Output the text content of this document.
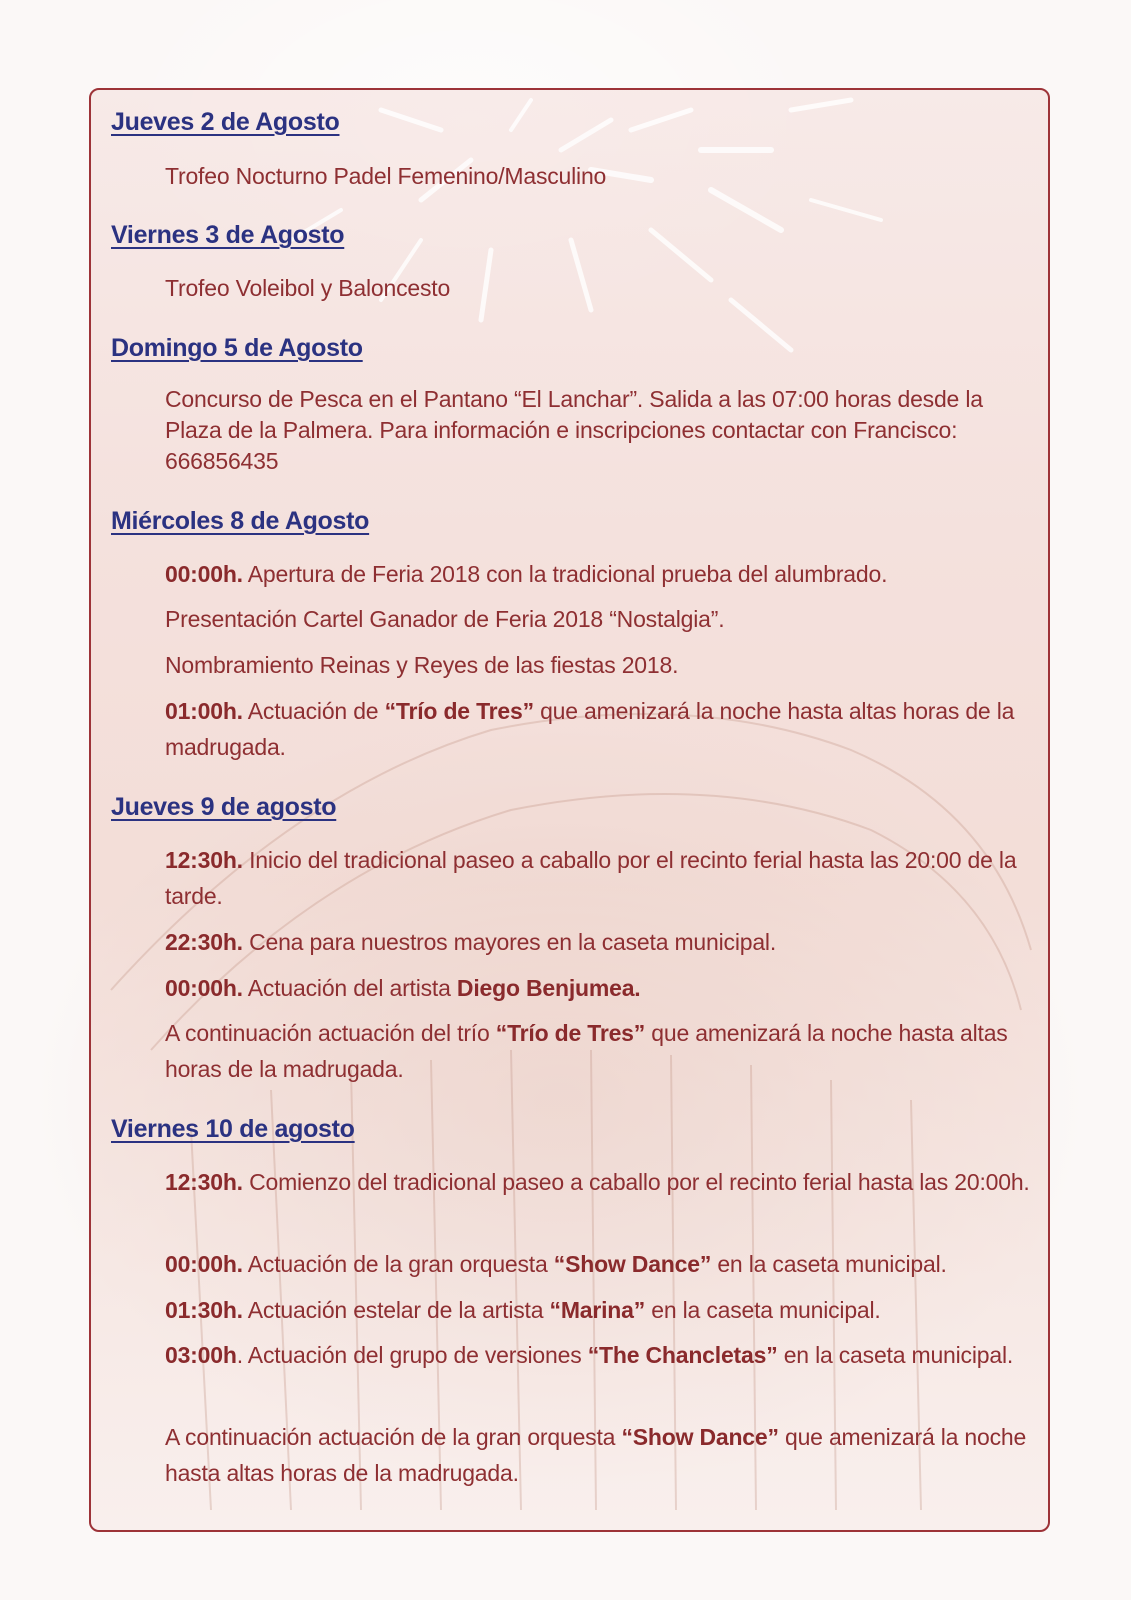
Jueves 2 de Agosto

Trofeo Nocturno Padel Femenino/Masculino

Viernes 3 de Agosto

Trofeo Voleibol y Baloncesto

Domingo 5 de Agosto

Concurso de Pesca en el Pantano “El Lanchar”. Salida a las 07:00 horas desde la Plaza de la Palmera. Para información e inscripciones contactar con Francisco: 666856435

Miércoles 8 de Agosto

00:00h. Apertura de Feria 2018 con la tradicional prueba del alumbrado.

Presentación Cartel Ganador de Feria 2018 “Nostalgia”.

Nombramiento Reinas y Reyes de las fiestas 2018.

01:00h. Actuación de “Trío de Tres” que amenizará la noche hasta altas horas de la madrugada.

Jueves 9 de agosto

12:30h. Inicio del tradicional paseo a caballo por el recinto ferial hasta las 20:00 de la tarde.

22:30h. Cena para nuestros mayores en la caseta municipal.

00:00h. Actuación del artista Diego Benjumea.

A continuación actuación del trío “Trío de Tres” que amenizará la noche hasta altas horas de la madrugada.

Viernes 10 de agosto

12:30h. Comienzo del tradicional paseo a caballo por el recinto ferial hasta las 20:00h.

00:00h. Actuación de la gran orquesta “Show Dance” en la caseta municipal.

01:30h. Actuación estelar de la artista “Marina” en la caseta municipal.

03:00h. Actuación del grupo de versiones “The Chancletas” en la caseta municipal.

A continuación actuación de la gran orquesta “Show Dance” que amenizará la noche hasta altas horas de la madrugada.
